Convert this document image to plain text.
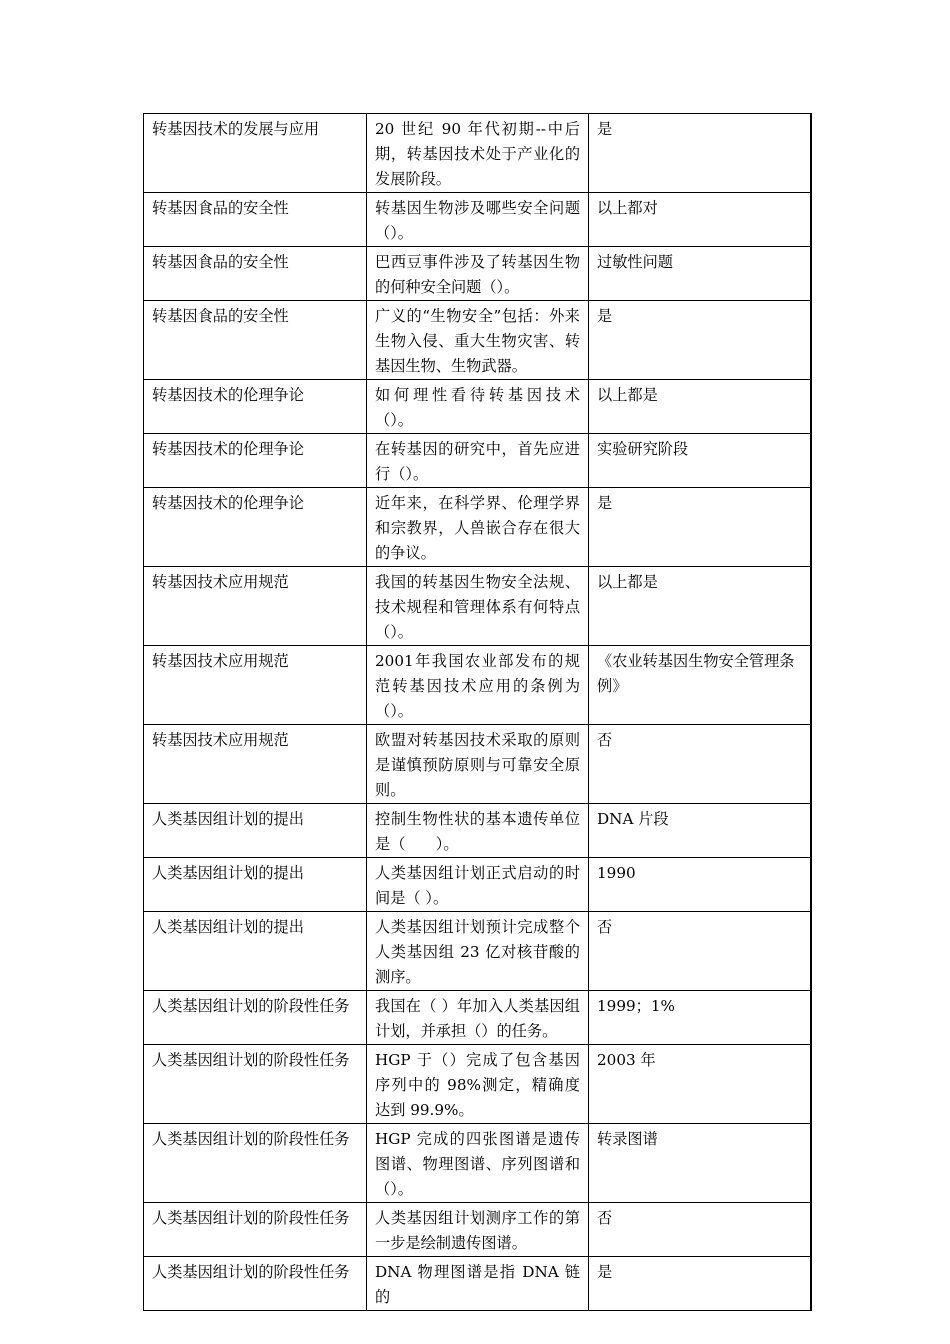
转基因技术的发展与应用	20 世纪 90 年代初期--中后期，转基因技术处于产业化的发展阶段。	是
转基因食品的安全性	转基因生物涉及哪些安全问题（）。	以上都对
转基因食品的安全性	巴西豆事件涉及了转基因生物的何种安全问题（）。	过敏性问题
转基因食品的安全性	广义的“生物安全”包括：外来生物入侵、重大生物灾害、转基因生物、生物武器。	是
转基因技术的伦理争论	如何理性看待转基因技术（）。	以上都是
转基因技术的伦理争论	在转基因的研究中，首先应进行（）。	实验研究阶段
转基因技术的伦理争论	近年来，在科学界、伦理学界和宗教界，人兽嵌合存在很大的争议。	是
转基因技术应用规范	我国的转基因生物安全法规、技术规程和管理体系有何特点（）。	以上都是
转基因技术应用规范	2001年我国农业部发布的规范转基因技术应用的条例为（）。	《农业转基因生物安全管理条例》
转基因技术应用规范	欧盟对转基因技术采取的原则是谨慎预防原则与可靠安全原则。	否
人类基因组计划的提出	控制生物性状的基本遗传单位是（　　）。	DNA 片段
人类基因组计划的提出	人类基因组计划正式启动的时间是（ ）。	1990
人类基因组计划的提出	人类基因组计划预计完成整个人类基因组 23 亿对核苷酸的测序。	否
人类基因组计划的阶段性任务	我国在（ ）年加入人类基因组计划，并承担（）的任务。	1999；1%
人类基因组计划的阶段性任务	HGP 于（）完成了包含基因序列中的 98%测定，精确度达到 99.9%。	2003 年
人类基因组计划的阶段性任务	HGP 完成的四张图谱是遗传图谱、物理图谱、序列图谱和（）。	转录图谱
人类基因组计划的阶段性任务	人类基因组计划测序工作的第一步是绘制遗传图谱。	否
人类基因组计划的阶段性任务	DNA 物理图谱是指 DNA 链的	是
